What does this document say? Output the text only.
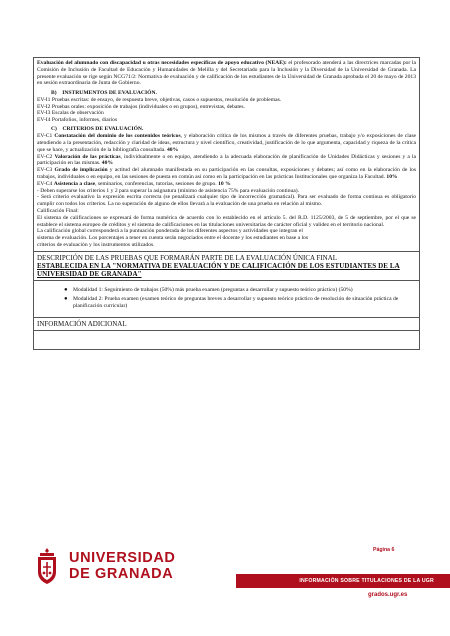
Evaluación del alumnado con discapacidad u otras necesidades específicas de apoyo educativo (NEAE): el profesorado atenderá a las directrices marcadas por la Comisión de Inclusión de Facultad de Educación y Humanidades de Melilla y del Secretariado para la Inclusión y la Diversidad de la Universidad de Granada. La presente evaluación se rige según NCG71/2: Normativa de evaluación y de calificación de los estudiantes de la Universidad de Granada aprobada el 20 de mayo de 2013 en sesión extraordinaria de Junta de Gobierno.

B)    INSTRUMENTOS DE EVALUACIÓN.

EV-I1 Pruebas escritas: de ensayo, de respuesta breve, objetivas, casos o supuestos, resolución de problemas.

EV-I2 Pruebas orales: exposición de trabajos (individuales o en grupos), entrevistas, debates.

EV-I3 Escalas de observación

EV-I4 Portafolios, informes, diarios

C)    CRITERIOS DE EVALUACIÓN.

EV-C1 Constatación del dominio de los contenidos teóricos, y elaboración crítica de los mismos a través de diferentes pruebas, trabajo y/o exposiciones de clase atendiendo a la presentación, redacción y claridad de ideas, estructura y nivel científico, creatividad, justificación de lo que argumenta, capacidad y riqueza de la crítica que se hace, y actualización de la bibliografía consultada. 40%

EV-C2 Valoración de las prácticas, individualmente o en equipo, atendiendo a la adecuada elaboración de planificación de Unidades Didácticas y sesiones y a la participación en las mismas. 40%

EV-C3 Grado de implicación y actitud del alumnado manifestada en su participación en las consultas, exposiciones y debates; así como en la elaboración de los trabajos, individuales o en equipo, en las sesiones de puesta en común así como en la participación en las prácticas Institucionales que organiza la Facultad. 10%

EV-C4 Asistencia a clase, seminarios, conferencias, tutorías, sesiones de grupo. 10 %

- Deben superarse los criterios 1 y 2 para superar la asignatura (mínimo de asistencia 75% para evaluación continua).

- Será criterio evaluativo la expresión escrita correcta (se penalizará cualquier tipo de incorrección gramatical). Para ser evaluado de forma continua es obligatorio cumplir con todos los criterios. La no superación de alguno de ellos llevará a la evaluación de una prueba en relación al mismo.

Calificación Final:

El sistema de calificaciones se expresará de forma numérica de acuerdo con lo establecido en el artículo 5. del R.D. 1125/2003, de 5 de septiembre, por el que se establece el sistema europeo de créditos y el sistema de calificaciones en las titulaciones universitarias de carácter oficial y validez en el territorio nacional.

La calificación global corresponderá a la puntuación ponderada de los diferentes aspectos y actividades que integran el

sistema de evaluación. Los porcentajes a tener en cuenta serán negociados entre el docente y los estudiantes en base a los

criterios de evaluación y los instrumentos utilizados.

DESCRIPCIÓN DE LAS PRUEBAS QUE FORMARÁN PARTE DE LA EVALUACIÓN ÚNICA FINAL
ESTABLECIDA EN LA "NORMATIVA DE EVALUACIÓN Y DE CALIFICACIÓN DE LOS ESTUDIANTES DE LA UNIVERSIDAD DE GRANADA"

● Modalidad 1: Seguimiento de trabajos (50%) más prueba examen (preguntas a desarrollar y supuesto teórico práctico) (50%)
● Modalidad 2: Prueba examen (examen teórico de preguntas breves a desarrollar y supuesto teórico práctico de resolución de situación práctica de planificación curricular)

INFORMACIÓN ADICIONAL

UNIVERSIDAD
DE GRANADA
Página 6
INFORMACIÓN SOBRE TITULACIONES DE LA UGR
grados.ugr.es
